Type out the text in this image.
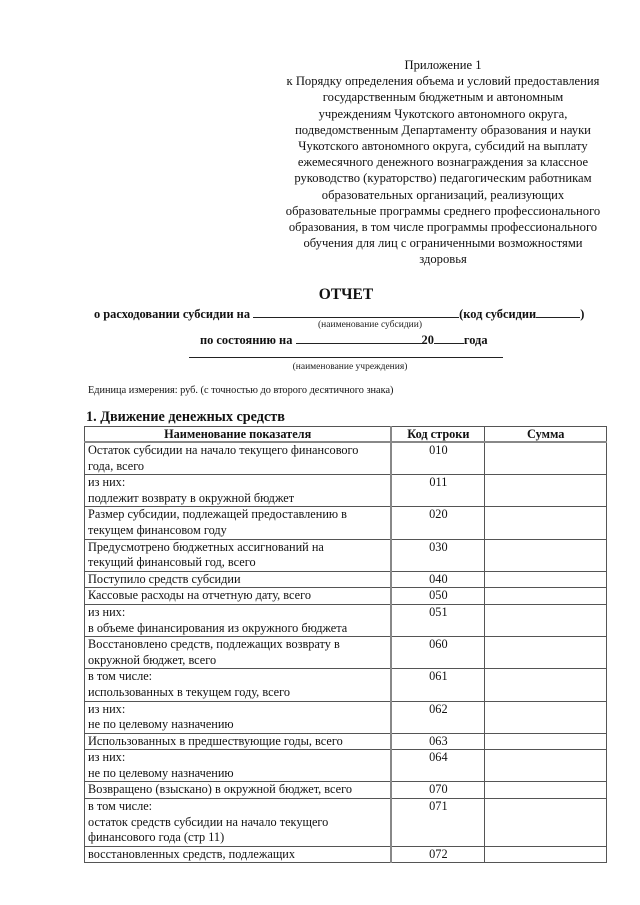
Приложение 1
к Порядку определения объема и условий предоставления
государственным бюджетным и автономным
учреждениям Чукотского автономного округа,
подведомственным Департаменту образования и науки
Чукотского автономного округа, субсидий на выплату
ежемесячного денежного вознаграждения за классное
руководство (кураторство) педагогическим работникам
образовательных организаций, реализующих
образовательные программы среднего профессионального
образования, в том числе программы профессионального
обучения для лиц с ограниченными возможностями
здоровья
ОТЧЕТ
о расходовании субсидии на	(код субсидии	)
(наименование субсидии)
по состоянию на	20 года
(наименование учреждения)
Единица измерения: руб. (с точностью до второго десятичного знака)
1. Движение денежных средств
Наименование показателя	Код строки	Сумма

Остаток субсидии на начало текущего финансового
года, всего	010	

из них:
подлежит возврату в окружной бюджет	011	

Размер субсидии, подлежащей предоставлению в
текущем финансовом году	020	

Предусмотрено бюджетных ассигнований на
текущий финансовый год, всего	030	

Поступило средств субсидии	040	

Кассовые расходы на отчетную дату, всего	050	

из них:
в объеме финансирования из окружного бюджета	051	

Восстановлено средств, подлежащих возврату в
окружной бюджет, всего	060	

в том числе:
использованных в текущем году, всего	061	

из них:
не по целевому назначению	062	

Использованных в предшествующие годы, всего	063	

из них:
не по целевому назначению	064	

Возвращено (взыскано) в окружной бюджет, всего	070	

в том числе:
остаток средств субсидии на начало текущего
финансового года (стр 11)	071	

восстановленных средств, подлежащих	072	
